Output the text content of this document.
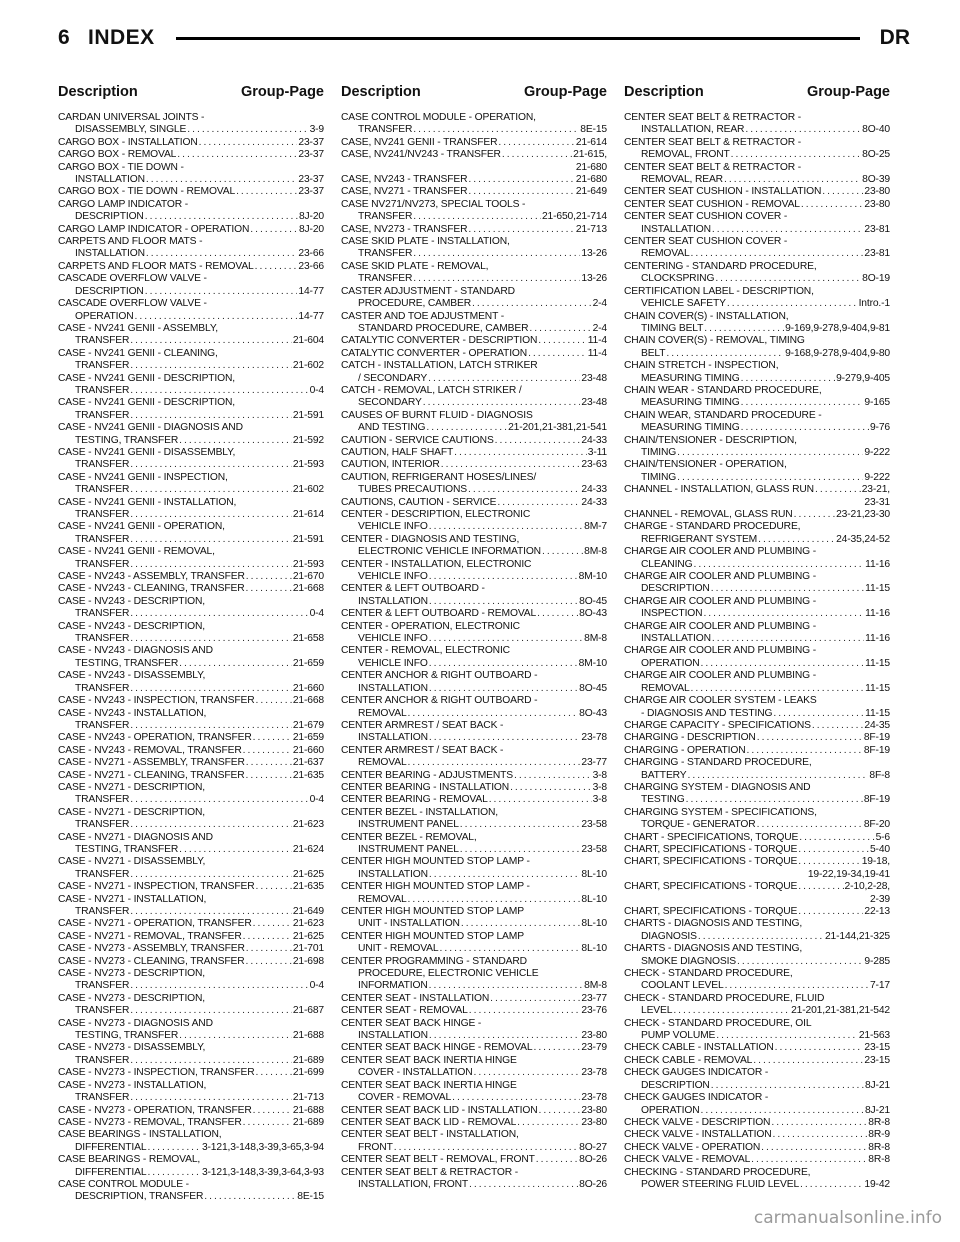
6 INDEX	DR
Description	Group-Page Description	Group-Page Description	Group-Page
CARDAN UNIVERSAL JOINTS -
DISASSEMBLY, SINGLE .....	3-9
CARGO BOX - INSTALLATION .....	23-37
CARGO BOX - REMOVAL .....	23-37
CARGO BOX - TIE DOWN -
INSTALLATION .....	23-37
CARGO BOX - TIE DOWN - REMOVAL .....	23-37
CARGO LAMP INDICATOR -
DESCRIPTION .....	8J-20
CARGO LAMP INDICATOR - OPERATION .....	8J-20
CARPETS AND FLOOR MATS -
INSTALLATION .....	23-66
CARPETS AND FLOOR MATS - REMOVAL .....	23-66
CASCADE OVERFLOW VALVE -
DESCRIPTION .....	14-77
CASCADE OVERFLOW VALVE -
OPERATION .....	14-77
CASE - NV241 GENII - ASSEMBLY,
TRANSFER .....	21-604
CASE - NV241 GENII - CLEANING,
TRANSFER .....	21-602
CASE - NV241 GENII - DESCRIPTION,
TRANSFER .....	0-4
CASE - NV241 GENII - DESCRIPTION,
TRANSFER .....	21-591
CASE - NV241 GENII - DIAGNOSIS AND
TESTING, TRANSFER .....	21-592
CASE - NV241 GENII - DISASSEMBLY,
TRANSFER .....	21-593
CASE - NV241 GENII - INSPECTION,
TRANSFER .....	21-602
CASE - NV241 GENII - INSTALLATION,
TRANSFER .....	21-614
CASE - NV241 GENII - OPERATION,
TRANSFER .....	21-591
CASE - NV241 GENII - REMOVAL,
TRANSFER .....	21-593
CASE - NV243 - ASSEMBLY, TRANSFER .....	21-670
CASE - NV243 - CLEANING, TRANSFER .....	21-668
CASE - NV243 - DESCRIPTION,
TRANSFER .....	0-4
CASE - NV243 - DESCRIPTION,
TRANSFER .....	21-658
CASE - NV243 - DIAGNOSIS AND
TESTING, TRANSFER .....	21-659
CASE - NV243 - DISASSEMBLY,
TRANSFER .....	21-660
CASE - NV243 - INSPECTION, TRANSFER .....	21-668
CASE - NV243 - INSTALLATION,
TRANSFER .....	21-679
CASE - NV243 - OPERATION, TRANSFER .....	21-659
CASE - NV243 - REMOVAL, TRANSFER .....	21-660
CASE - NV271 - ASSEMBLY, TRANSFER .....	21-637
CASE - NV271 - CLEANING, TRANSFER .....	21-635
CASE - NV271 - DESCRIPTION,
TRANSFER .....	0-4
CASE - NV271 - DESCRIPTION,
TRANSFER .....	21-623
CASE - NV271 - DIAGNOSIS AND
TESTING, TRANSFER .....	21-624
CASE - NV271 - DISASSEMBLY,
TRANSFER .....	21-625
CASE - NV271 - INSPECTION, TRANSFER .....	21-635
CASE - NV271 - INSTALLATION,
TRANSFER .....	21-649
CASE - NV271 - OPERATION, TRANSFER .....	21-623
CASE - NV271 - REMOVAL, TRANSFER .....	21-625
CASE - NV273 - ASSEMBLY, TRANSFER .....	21-701
CASE - NV273 - CLEANING, TRANSFER .....	21-698
CASE - NV273 - DESCRIPTION,
TRANSFER .....	0-4
CASE - NV273 - DESCRIPTION,
TRANSFER .....	21-687
CASE - NV273 - DIAGNOSIS AND
TESTING, TRANSFER .....	21-688
CASE - NV273 - DISASSEMBLY,
TRANSFER .....	21-689
CASE - NV273 - INSPECTION, TRANSFER .....	21-699
CASE - NV273 - INSTALLATION,
TRANSFER .....	21-713
CASE - NV273 - OPERATION, TRANSFER .....	21-688
CASE - NV273 - REMOVAL, TRANSFER .....	21-689
CASE BEARINGS - INSTALLATION,
DIFFERENTIAL .....	3-121,3-148,3-39,3-65,3-94
CASE BEARINGS - REMOVAL,
DIFFERENTIAL .....	3-121,3-148,3-39,3-64,3-93
CASE CONTROL MODULE -
DESCRIPTION, TRANSFER .....	8E-15
CASE CONTROL MODULE - OPERATION,
TRANSFER .....	8E-15
CASE, NV241 GENII - TRANSFER .....	21-614
CASE, NV241/NV243 - TRANSFER .....	21-615,
21-680
CASE, NV243 - TRANSFER .....	21-680
CASE, NV271 - TRANSFER .....	21-649
CASE NV271/NV273, SPECIAL TOOLS -
TRANSFER .....	21-650,21-714
CASE, NV273 - TRANSFER .....	21-713
CASE SKID PLATE - INSTALLATION,
TRANSFER .....	13-26
CASE SKID PLATE - REMOVAL,
TRANSFER .....	13-26
CASTER ADJUSTMENT - STANDARD
PROCEDURE, CAMBER .....	2-4
CASTER AND TOE ADJUSTMENT -
STANDARD PROCEDURE, CAMBER .....	2-4
CATALYTIC CONVERTER - DESCRIPTION .....	11-4
CATALYTIC CONVERTER - OPERATION .....	11-4
CATCH - INSTALLATION, LATCH STRIKER
/ SECONDARY .....	23-48
CATCH - REMOVAL, LATCH STRIKER /
SECONDARY .....	23-48
CAUSES OF BURNT FLUID - DIAGNOSIS
AND TESTING .....	21-201,21-381,21-541
CAUTION - SERVICE CAUTIONS .....	24-33
CAUTION, HALF SHAFT .....	3-11
CAUTION, INTERIOR .....	23-63
CAUTION, REFRIGERANT HOSES/LINES/
TUBES PRECAUTIONS .....	24-33
CAUTIONS, CAUTION - SERVICE .....	24-33
CENTER - DESCRIPTION, ELECTRONIC
VEHICLE INFO .....	8M-7
CENTER - DIAGNOSIS AND TESTING,
ELECTRONIC VEHICLE INFORMATION .....	8M-8
CENTER - INSTALLATION, ELECTRONIC
VEHICLE INFO .....	8M-10
CENTER & LEFT OUTBOARD -
INSTALLATION .....	8O-45
CENTER & LEFT OUTBOARD - REMOVAL .....	8O-43
CENTER - OPERATION, ELECTRONIC
VEHICLE INFO .....	8M-8
CENTER - REMOVAL, ELECTRONIC
VEHICLE INFO .....	8M-10
CENTER ANCHOR & RIGHT OUTBOARD -
INSTALLATION .....	8O-45
CENTER ANCHOR & RIGHT OUTBOARD -
REMOVAL .....	8O-43
CENTER ARMREST / SEAT BACK -
INSTALLATION .....	23-78
CENTER ARMREST / SEAT BACK -
REMOVAL .....	23-77
CENTER BEARING - ADJUSTMENTS .....	3-8
CENTER BEARING - INSTALLATION .....	3-8
CENTER BEARING - REMOVAL .....	3-8
CENTER BEZEL - INSTALLATION,
INSTRUMENT PANEL .....	23-58
CENTER BEZEL - REMOVAL,
INSTRUMENT PANEL .....	23-58
CENTER HIGH MOUNTED STOP LAMP -
INSTALLATION .....	8L-10
CENTER HIGH MOUNTED STOP LAMP -
REMOVAL .....	8L-10
CENTER HIGH MOUNTED STOP LAMP
UNIT - INSTALLATION .....	8L-10
CENTER HIGH MOUNTED STOP LAMP
UNIT - REMOVAL .....	8L-10
CENTER PROGRAMMING - STANDARD
PROCEDURE, ELECTRONIC VEHICLE
INFORMATION .....	8M-8
CENTER SEAT - INSTALLATION .....	23-77
CENTER SEAT - REMOVAL .....	23-76
CENTER SEAT BACK HINGE -
INSTALLATION .....	23-80
CENTER SEAT BACK HINGE - REMOVAL .....	23-79
CENTER SEAT BACK INERTIA HINGE
COVER - INSTALLATION .....	23-78
CENTER SEAT BACK INERTIA HINGE
COVER - REMOVAL .....	23-78
CENTER SEAT BACK LID - INSTALLATION .....	23-80
CENTER SEAT BACK LID - REMOVAL .....	23-80
CENTER SEAT BELT - INSTALLATION,
FRONT .....	8O-27
CENTER SEAT BELT - REMOVAL, FRONT .....	8O-26
CENTER SEAT BELT & RETRACTOR -
INSTALLATION, FRONT .....	8O-26
CENTER SEAT BELT & RETRACTOR -
INSTALLATION, REAR .....	8O-40
CENTER SEAT BELT & RETRACTOR -
REMOVAL, FRONT .....	8O-25
CENTER SEAT BELT & RETRACTOR -
REMOVAL, REAR .....	8O-39
CENTER SEAT CUSHION - INSTALLATION .....	23-80
CENTER SEAT CUSHION - REMOVAL .....	23-80
CENTER SEAT CUSHION COVER -
INSTALLATION .....	23-81
CENTER SEAT CUSHION COVER -
REMOVAL .....	23-81
CENTERING - STANDARD PROCEDURE,
CLOCKSPRING .....	8O-19
CERTIFICATION LABEL - DESCRIPTION,
VEHICLE SAFETY .....	Intro.-1
CHAIN COVER(S) - INSTALLATION,
TIMING BELT .....	9-169,9-278,9-404,9-81
CHAIN COVER(S) - REMOVAL, TIMING
BELT .....	9-168,9-278,9-404,9-80
CHAIN STRETCH - INSPECTION,
MEASURING TIMING .....	9-279,9-405
CHAIN WEAR - STANDARD PROCEDURE,
MEASURING TIMING .....	9-165
CHAIN WEAR, STANDARD PROCEDURE -
MEASURING TIMING .....	9-76
CHAIN/TENSIONER - DESCRIPTION,
TIMING .....	9-222
CHAIN/TENSIONER - OPERATION,
TIMING .....	9-222
CHANNEL - INSTALLATION, GLASS RUN .....	23-21,
23-31
CHANNEL - REMOVAL, GLASS RUN .....	23-21,23-30
CHARGE - STANDARD PROCEDURE,
REFRIGERANT SYSTEM .....	24-35,24-52
CHARGE AIR COOLER AND PLUMBING -
CLEANING .....	11-16
CHARGE AIR COOLER AND PLUMBING -
DESCRIPTION .....	11-15
CHARGE AIR COOLER AND PLUMBING -
INSPECTION .....	11-16
CHARGE AIR COOLER AND PLUMBING -
INSTALLATION .....	11-16
CHARGE AIR COOLER AND PLUMBING -
OPERATION .....	11-15
CHARGE AIR COOLER AND PLUMBING -
REMOVAL .....	11-15
CHARGE AIR COOLER SYSTEM - LEAKS
- DIAGNOSIS AND TESTING .....	11-15
CHARGE CAPACITY - SPECIFICATIONS .....	24-35
CHARGING - DESCRIPTION .....	8F-19
CHARGING - OPERATION .....	8F-19
CHARGING - STANDARD PROCEDURE,
BATTERY .....	8F-8
CHARGING SYSTEM - DIAGNOSIS AND
TESTING .....	8F-19
CHARGING SYSTEM - SPECIFICATIONS,
TORQUE - GENERATOR .....	8F-20
CHART - SPECIFICATIONS, TORQUE .....	5-6
CHART, SPECIFICATIONS - TORQUE .....	5-40
CHART, SPECIFICATIONS - TORQUE .....	19-18,
19-22,19-34,19-41
CHART, SPECIFICATIONS - TORQUE .....	2-10,2-28,
2-39
CHART, SPECIFICATIONS - TORQUE .....	22-13
CHARTS - DIAGNOSIS AND TESTING,
DIAGNOSIS .....	21-144,21-325
CHARTS - DIAGNOSIS AND TESTING,
SMOKE DIAGNOSIS .....	9-285
CHECK - STANDARD PROCEDURE,
COOLANT LEVEL .....	7-17
CHECK - STANDARD PROCEDURE, FLUID
LEVEL .....	21-201,21-381,21-542
CHECK - STANDARD PROCEDURE, OIL
PUMP VOLUME .....	21-563
CHECK CABLE - INSTALLATION .....	23-15
CHECK CABLE - REMOVAL .....	23-15
CHECK GAUGES INDICATOR -
DESCRIPTION .....	8J-21
CHECK GAUGES INDICATOR -
OPERATION .....	8J-21
CHECK VALVE - DESCRIPTION .....	8R-8
CHECK VALVE - INSTALLATION .....	8R-9
CHECK VALVE - OPERATION .....	8R-8
CHECK VALVE - REMOVAL .....	8R-8
CHECKING - STANDARD PROCEDURE,
POWER STEERING FLUID LEVEL .....	19-42
carmanualsonline.info
